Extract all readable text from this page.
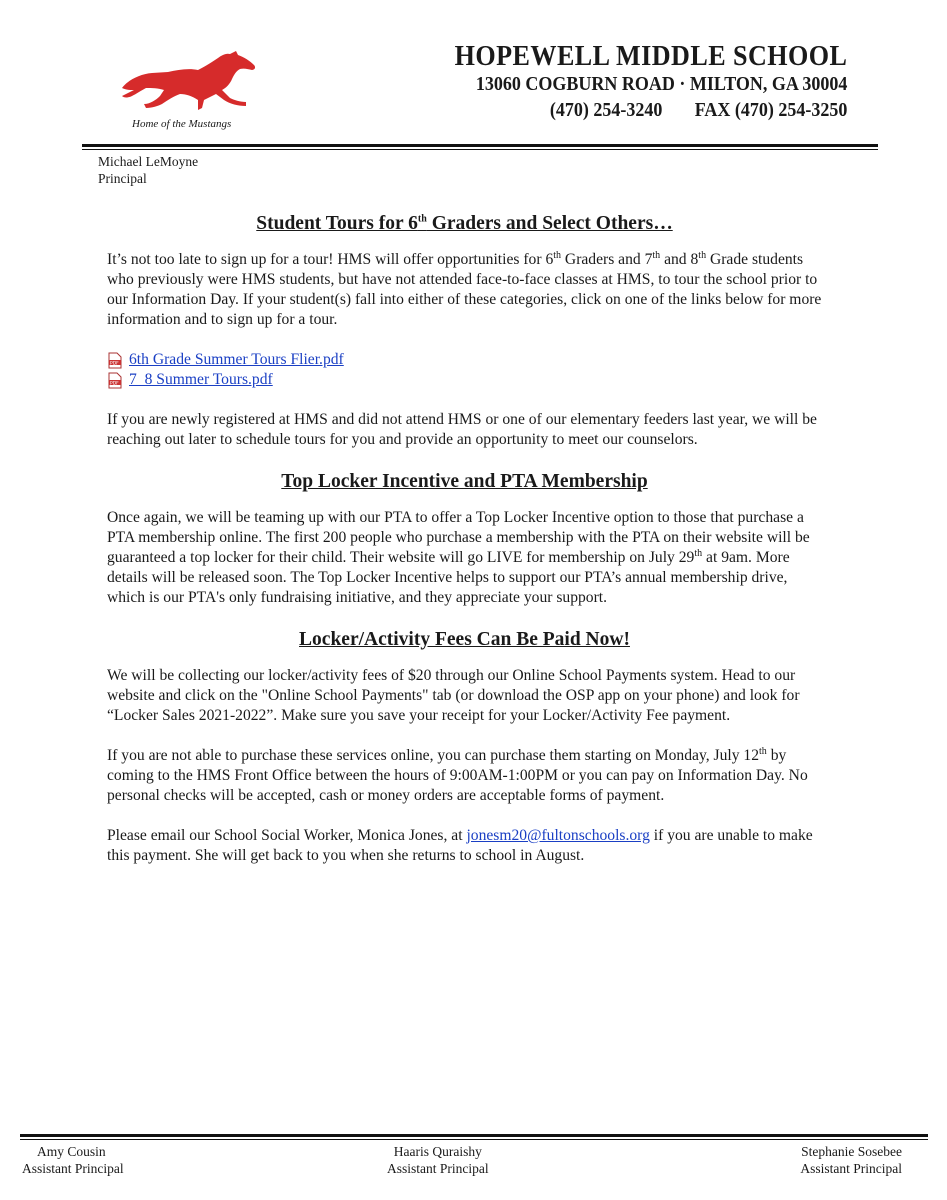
Home of the Mustangs
HOPEWELL MIDDLE SCHOOL
13060 COGBURN ROAD · MILTON, GA 30004
(470) 254-3240 FAX (470) 254-3250
Michael LeMoyne
Principal
Student Tours for 6th Graders and Select Others…

It’s not too late to sign up for a tour! HMS will offer opportunities for 6th Graders and 7th and 8th Grade students who previously were HMS students, but have not attended face-to-face classes at HMS, to tour the school prior to our Information Day. If your student(s) fall into either of these categories, click on one of the links below for more information and to sign up for a tour.

PDF 6th Grade Summer Tours Flier.pdf
PDF 7_8 Summer Tours.pdf

If you are newly registered at HMS and did not attend HMS or one of our elementary feeders last year, we will be reaching out later to schedule tours for you and provide an opportunity to meet our counselors.

Top Locker Incentive and PTA Membership

Once again, we will be teaming up with our PTA to offer a Top Locker Incentive option to those that purchase a PTA membership online. The first 200 people who purchase a membership with the PTA on their website will be guaranteed a top locker for their child. Their website will go LIVE for membership on July 29th at 9am. More details will be released soon. The Top Locker Incentive helps to support our PTA’s annual membership drive, which is our PTA's only fundraising initiative, and they appreciate your support.

Locker/Activity Fees Can Be Paid Now!

We will be collecting our locker/activity fees of $20 through our Online School Payments system. Head to our website and click on the "Online School Payments" tab (or download the OSP app on your phone) and look for “Locker Sales 2021-2022”. Make sure you save your receipt for your Locker/Activity Fee payment.

If you are not able to purchase these services online, you can purchase them starting on Monday, July 12th by coming to the HMS Front Office between the hours of 9:00AM-1:00PM or you can pay on Information Day. No personal checks will be accepted, cash or money orders are acceptable forms of payment.

Please email our School Social Worker, Monica Jones, at jonesm20@fultonschools.org if you are unable to make this payment. She will get back to you when she returns to school in August.

Amy Cousin
Assistant Principal
Haaris Quraishy
Assistant Principal
Stephanie Sosebee
Assistant Principal
